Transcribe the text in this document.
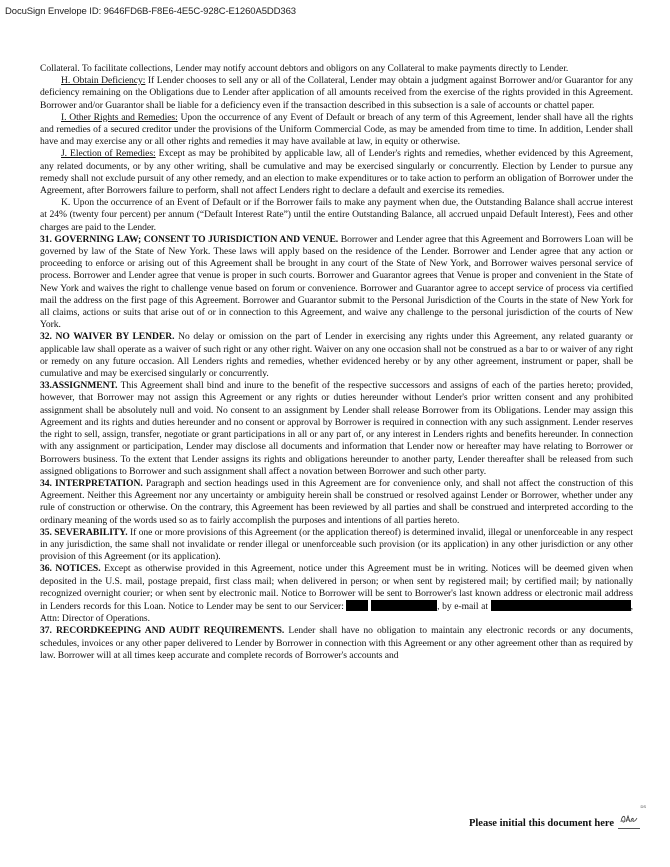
DocuSign Envelope ID: 9646FD6B-F8E6-4E5C-928C-E1260A5DD363

Collateral. To facilitate collections, Lender may notify account debtors and obligors on any Collateral to make payments directly to Lender.

H. Obtain Deficiency: If Lender chooses to sell any or all of the Collateral, Lender may obtain a judgment against Borrower and/or Guarantor for any deficiency remaining on the Obligations due to Lender after application of all amounts received from the exercise of the rights provided in this Agreement. Borrower and/or Guarantor shall be liable for a deficiency even if the transaction described in this subsection is a sale of accounts or chattel paper.

I. Other Rights and Remedies: Upon the occurrence of any Event of Default or breach of any term of this Agreement, lender shall have all the rights and remedies of a secured creditor under the provisions of the Uniform Commercial Code, as may be amended from time to time. In addition, Lender shall have and may exercise any or all other rights and remedies it may have available at law, in equity or otherwise.

J. Election of Remedies: Except as may be prohibited by applicable law, all of Lender's rights and remedies, whether evidenced by this Agreement, any related documents, or by any other writing, shall be cumulative and may be exercised singularly or concurrently. Election by Lender to pursue any remedy shall not exclude pursuit of any other remedy, and an election to make expenditures or to take action to perform an obligation of Borrower under the Agreement, after Borrowers failure to perform, shall not affect Lenders right to declare a default and exercise its remedies.

K. Upon the occurrence of an Event of Default or if the Borrower fails to make any payment when due, the Outstanding Balance shall accrue interest at 24% (twenty four percent) per annum (“Default Interest Rate”) until the entire Outstanding Balance, all accrued unpaid Default Interest), Fees and other charges are paid to the Lender.

31. GOVERNING LAW; CONSENT TO JURISDICTION AND VENUE. Borrower and Lender agree that this Agreement and Borrowers Loan will be governed by law of the State of New York. These laws will apply based on the residence of the Lender. Borrower and Lender agree that any action or proceeding to enforce or arising out of this Agreement shall be brought in any court of the State of New York, and Borrower waives personal service of process. Borrower and Lender agree that venue is proper in such courts. Borrower and Guarantor agrees that Venue is proper and convenient in the State of New York and waives the right to challenge venue based on forum or convenience. Borrower and Guarantor agree to accept service of process via certified mail the address on the first page of this Agreement. Borrower and Guarantor submit to the Personal Jurisdiction of the Courts in the state of New York for all claims, actions or suits that arise out of or in connection to this Agreement, and waive any challenge to the personal jurisdiction of the courts of New York.

32. NO WAIVER BY LENDER. No delay or omission on the part of Lender in exercising any rights under this Agreement, any related guaranty or applicable law shall operate as a waiver of such right or any other right. Waiver on any one occasion shall not be construed as a bar to or waiver of any right or remedy on any future occasion. All Lenders rights and remedies, whether evidenced hereby or by any other agreement, instrument or paper, shall be cumulative and may be exercised singularly or concurrently.

33.ASSIGNMENT. This Agreement shall bind and inure to the benefit of the respective successors and assigns of each of the parties hereto; provided, however, that Borrower may not assign this Agreement or any rights or duties hereunder without Lender's prior written consent and any prohibited assignment shall be absolutely null and void. No consent to an assignment by Lender shall release Borrower from its Obligations. Lender may assign this Agreement and its rights and duties hereunder and no consent or approval by Borrower is required in connection with any such assignment. Lender reserves the right to sell, assign, transfer, negotiate or grant participations in all or any part of, or any interest in Lenders rights and benefits hereunder. In connection with any assignment or participation, Lender may disclose all documents and information that Lender now or hereafter may have relating to Borrower or Borrowers business. To the extent that Lender assigns its rights and obligations hereunder to another party, Lender thereafter shall be released from such assigned obligations to Borrower and such assignment shall affect a novation between Borrower and such other party.

34. INTERPRETATION. Paragraph and section headings used in this Agreement are for convenience only, and shall not affect the construction of this Agreement. Neither this Agreement nor any uncertainty or ambiguity herein shall be construed or resolved against Lender or Borrower, whether under any rule of construction or otherwise. On the contrary, this Agreement has been reviewed by all parties and shall be construed and interpreted according to the ordinary meaning of the words used so as to fairly accomplish the purposes and intentions of all parties hereto.

35. SEVERABILITY. If one or more provisions of this Agreement (or the application thereof) is determined invalid, illegal or unenforceable in any respect in any jurisdiction, the same shall not invalidate or render illegal or unenforceable such provision (or its application) in any other jurisdiction or any other provision of this Agreement (or its application).

36. NOTICES. Except as otherwise provided in this Agreement, notice under this Agreement must be in writing. Notices will be deemed given when deposited in the U.S. mail, postage prepaid, first class mail; when delivered in person; or when sent by registered mail; by certified mail; by nationally recognized overnight courier; or when sent by electronic mail. Notice to Borrower will be sent to Borrower's last known address or electronic mail address in Lenders records for this Loan. Notice to Lender may be sent to our Servicer:	, by e-mail at	, Attn: Director of Operations.

37. RECORDKEEPING AND AUDIT REQUIREMENTS. Lender shall have no obligation to maintain any electronic records or any documents, schedules, invoices or any other paper delivered to Lender by Borrower in connection with this Agreement or any other agreement other than as required by law. Borrower will at all times keep accurate and complete records of Borrower's accounts and

Please initial this document here
DS
